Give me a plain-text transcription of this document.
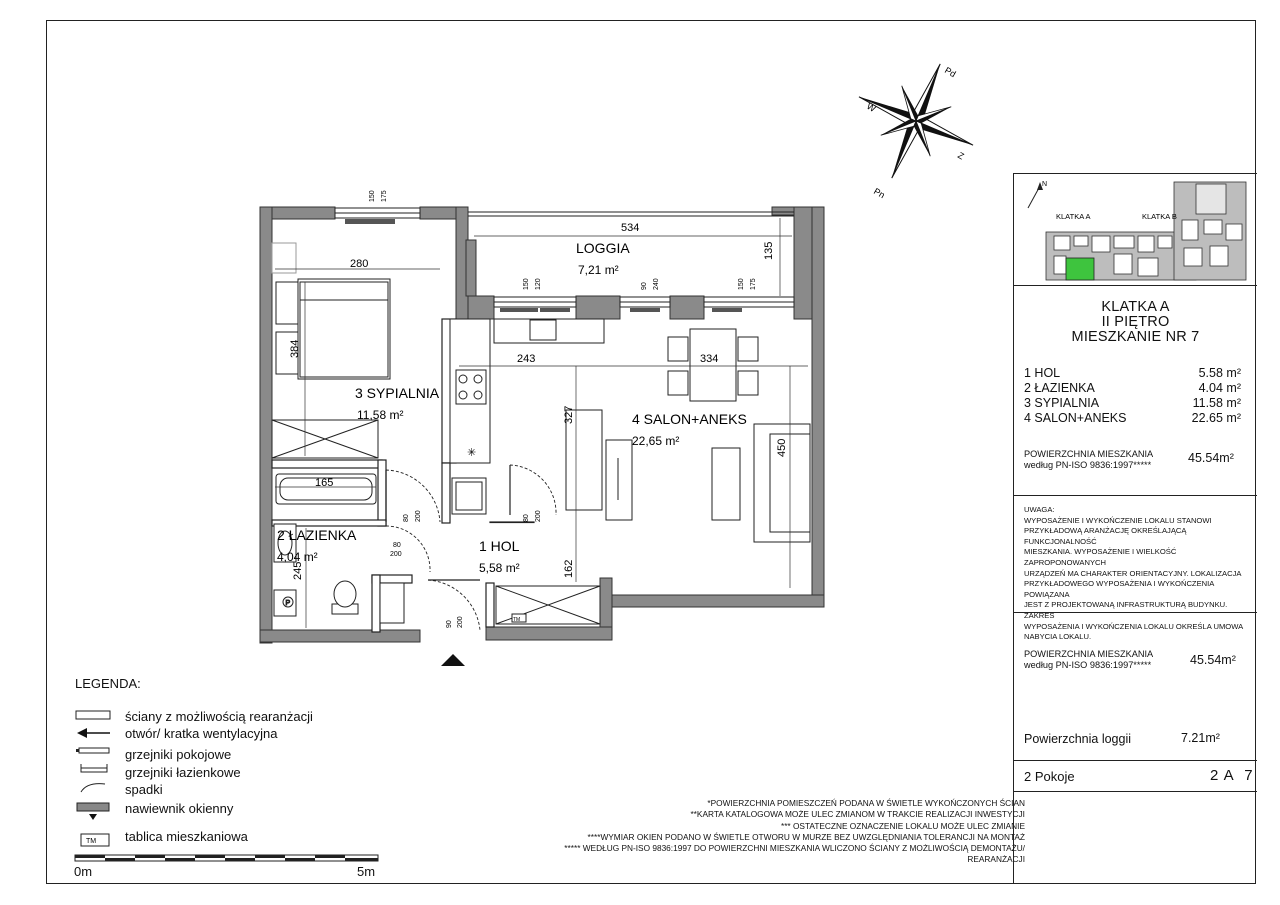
Pd
W
Z
Pn
P
✳
TM
LOGGIA
7,21 m²
3 SYPIALNIA
11,58 m²	4 SALON+ANEKS
22,65 m²
2 ŁAZIENKA
4,04 m²
1 HOL
5,58 m²
534
135
280
384
243	334
327
450
165
245	162
150 175
150 120	90 240	150 175
80 200	80 200
80
200
90 200
LEGENDA:
TM
ściany z możliwością rearanżacji
otwór/ kratka wentylacyjna
grzejniki pokojowe
grzejniki łazienkowe
spadki
nawiewnik okienny
tablica mieszkaniowa
0m	5m
*POWIERZCHNIA POMIESZCZEŃ PODANA W ŚWIETLE WYKOŃCZONYCH ŚCIAN
**KARTA KATALOGOWA MOŻE ULEC ZMIANOM W TRAKCIE REALIZACJI INWESTYCJI
*** OSTATECZNE OZNACZENIE LOKALU MOŻE ULEC ZMIANIE
****WYMIAR OKIEN PODANO W ŚWIETLE OTWORU W MURZE BEZ UWZGLĘDNIANIA TOLERANCJI NA MONTAŻ
***** WEDŁUG PN-ISO 9836:1997 DO POWIERZCHNI MIESZKANIA WLICZONO ŚCIANY Z MOŻLIWOŚCIĄ DEMONTAŻU/
REARANŻACJI
N
KLATKA A	KLATKA B
KLATKA A
II PIĘTRO
MIESZKANIE NR 7
1 HOL	5.58 m²
2 ŁAZIENKA	4.04 m²
3 SYPIALNIA	11.58 m²
4 SALON+ANEKS	22.65 m²
POWIERZCHNIA MIESZKANIA
według PN-ISO 9836:1997*****	45.54m²
UWAGA:
WYPOSAŻENIE I WYKOŃCZENIE LOKALU STANOWI
PRZYKŁADOWĄ ARANŻACJĘ OKREŚLAJĄCĄ FUNKCJONALNOŚĆ
MIESZKANIA. WYPOSAŻENIE I WIELKOŚĆ ZAPROPONOWANYCH
URZĄDZEŃ MA CHARAKTER ORIENTACYJNY. LOKALIZACJA
PRZYKŁADOWEGO WYPOSAŻENIA I WYKOŃCZENIA POWIĄZANA
JEST Z PROJEKTOWANĄ INFRASTRUKTURĄ BUDYNKU. ZAKRES
WYPOSAŻENIA I WYKOŃCZENIA LOKALU OKREŚLA UMOWA
NABYCIA LOKALU.
POWIERZCHNIA MIESZKANIA
według PN-ISO 9836:1997*****	45.54m²
Powierzchnia loggii	7.21m²
2 Pokoje	2 A  7
